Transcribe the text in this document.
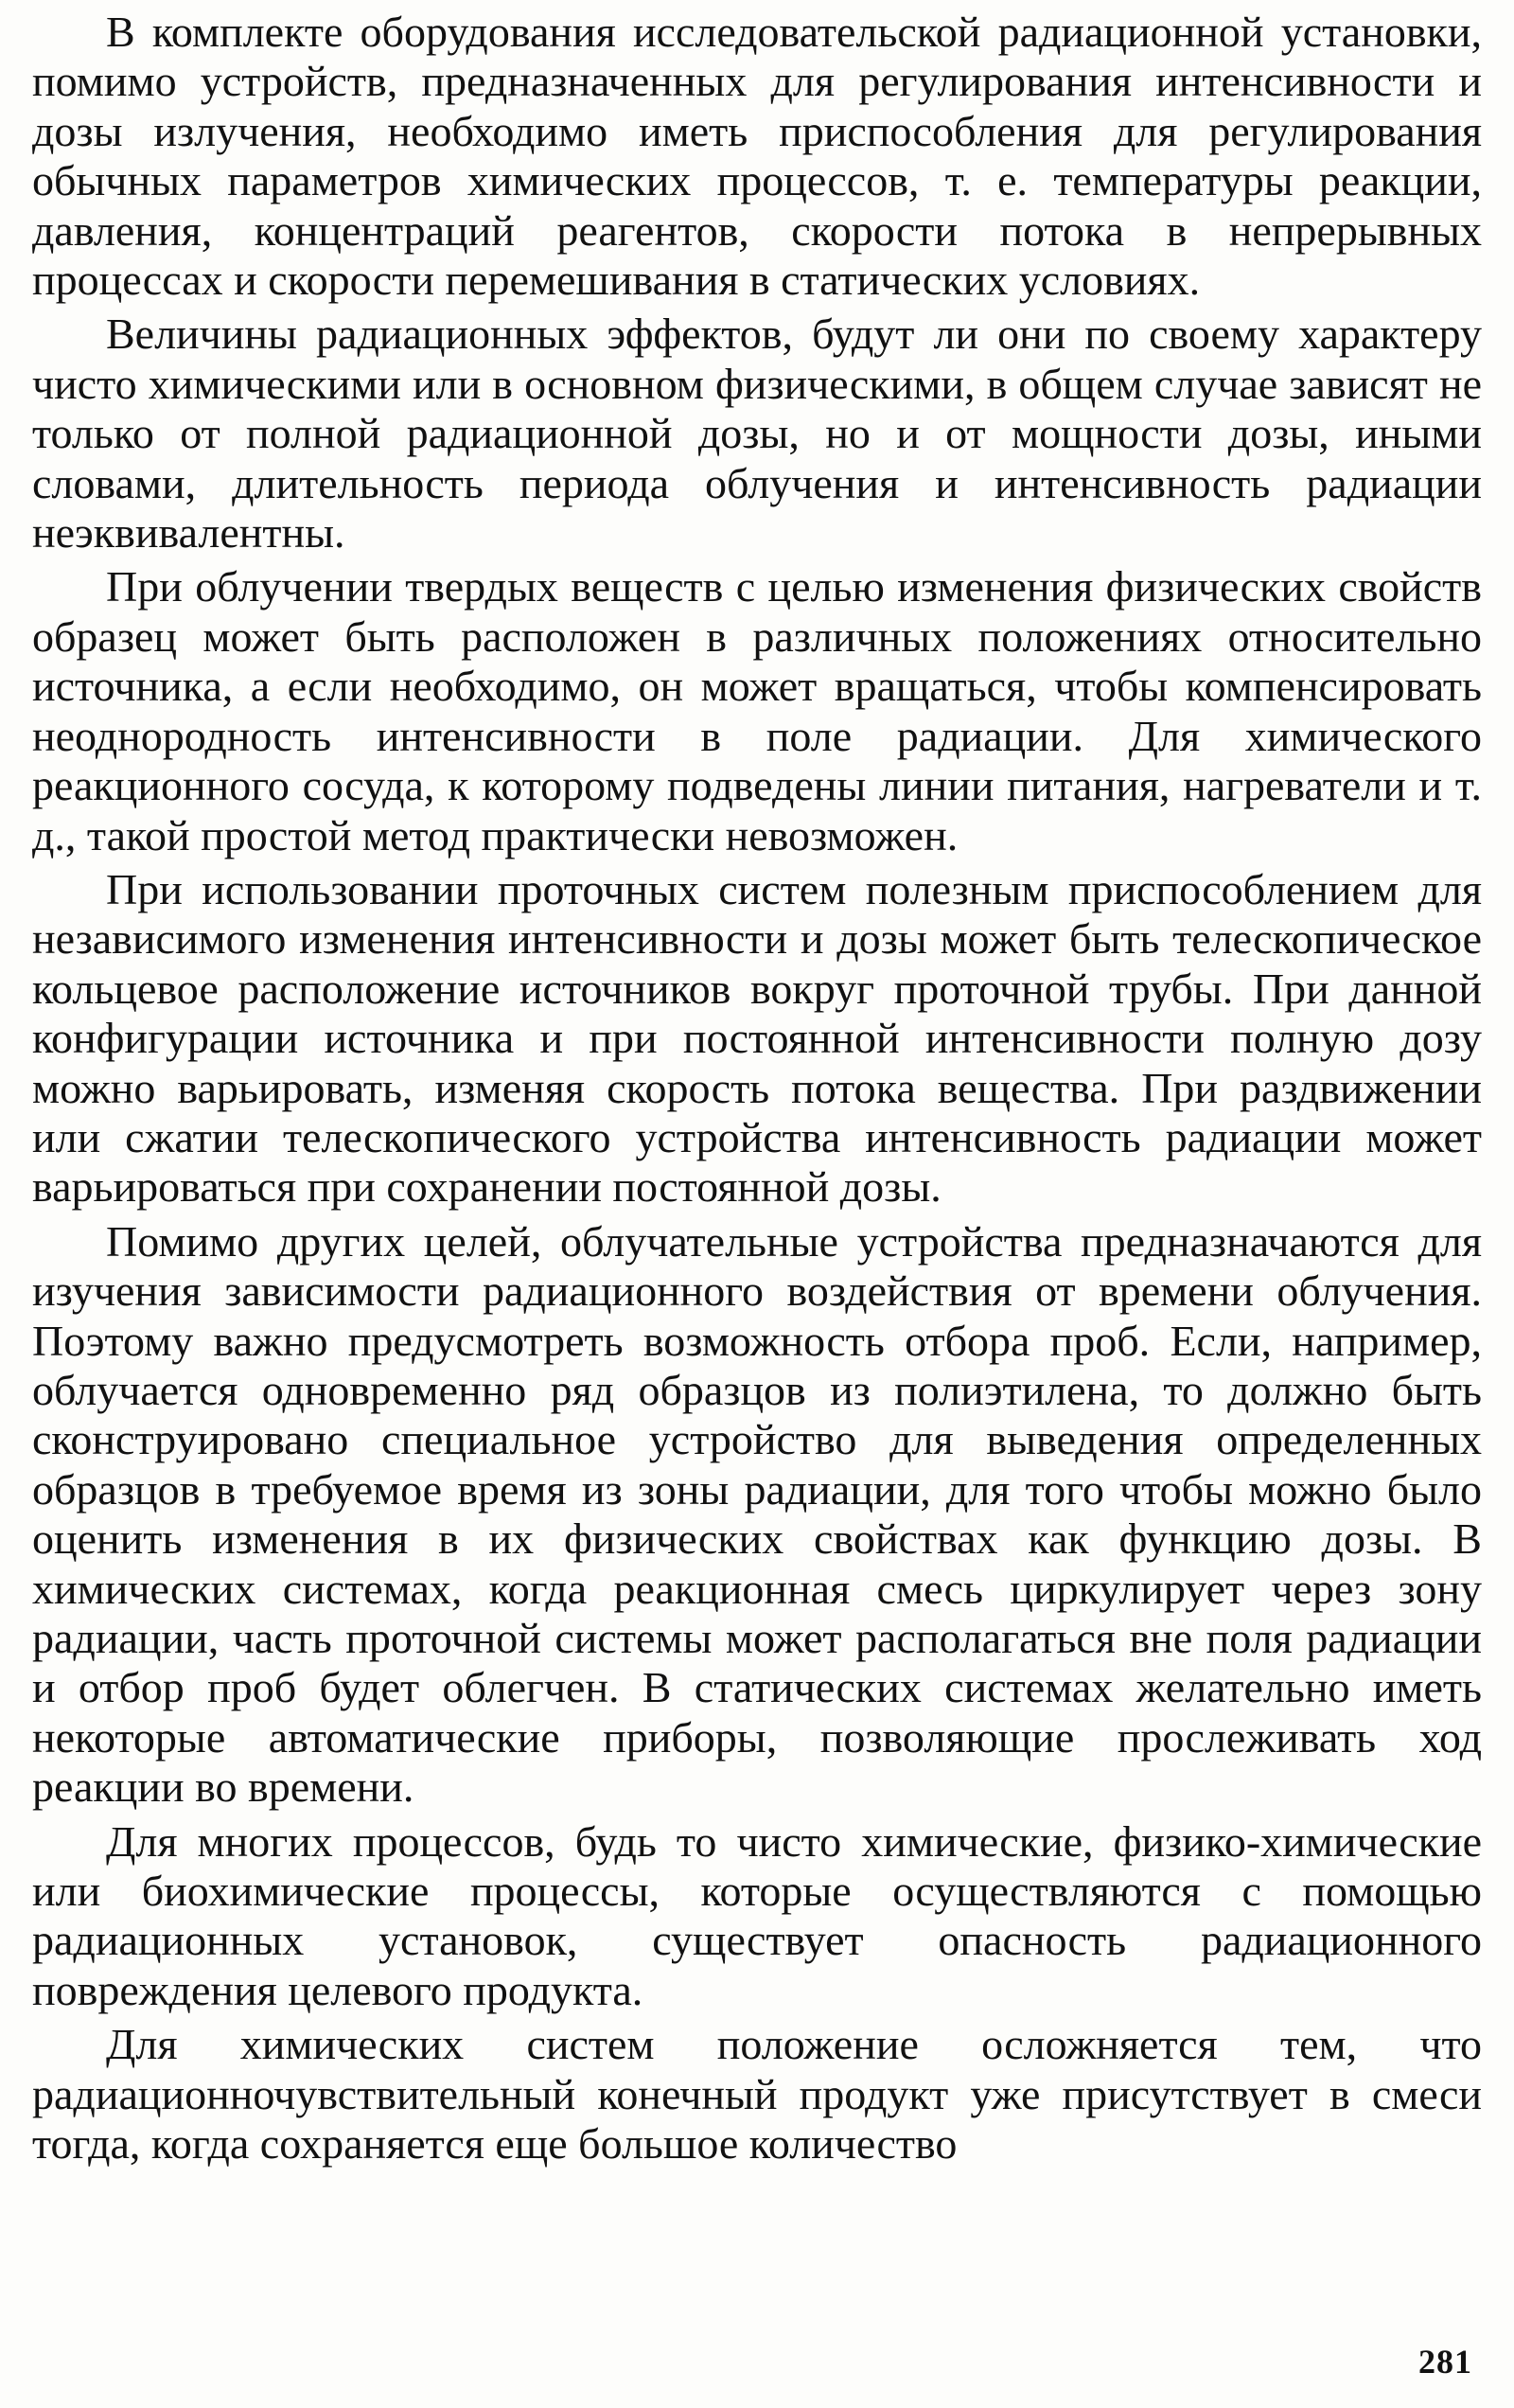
В комплекте оборудования исследовательской радиационной установки, помимо устройств, предназначенных для регулирования интенсивности и дозы излучения, необходимо иметь приспособления для регулирования обычных параметров химических процессов, т. е. температуры реакции, давления, концентраций реагентов, скорости потока в непрерывных процессах и скорости перемешивания в статических условиях.

Величины радиационных эффектов, будут ли они по своему характеру чисто химическими или в основном физическими, в общем случае зависят не только от полной радиационной дозы, но и от мощности дозы, иными словами, длительность периода облучения и интенсивность радиации неэквивалентны.

При облучении твердых веществ с целью изменения физических свойств образец может быть расположен в различных положениях относительно источника, а если необходимо, он может вращаться, чтобы компенсировать неоднородность интенсивности в поле радиации. Для химического реакционного сосуда, к которому подведены линии питания, нагреватели и т. д., такой простой метод практически невозможен.

При использовании проточных систем полезным приспособлением для независимого изменения интенсивности и дозы может быть телескопическое кольцевое расположение источников вокруг проточной трубы. При данной конфигурации источника и при постоянной интенсивности полную дозу можно варьировать, изменяя скорость потока вещества. При раздвижении или сжатии телескопического устройства интенсивность радиации может варьироваться при сохранении постоянной дозы.

Помимо других целей, облучательные устройства предназначаются для изучения зависимости радиационного воздействия от времени облучения. Поэтому важно предусмотреть возможность отбора проб. Если, например, облучается одновременно ряд образцов из полиэтилена, то должно быть сконструировано специальное устройство для выведения определенных образцов в требуемое время из зоны радиации, для того чтобы можно было оценить изменения в их физических свойствах как функцию дозы. В химических системах, когда реакционная смесь циркулирует через зону радиации, часть проточной системы может располагаться вне поля радиации и отбор проб будет облегчен. В статических системах желательно иметь некоторые автоматические приборы, позволяющие прослеживать ход реакции во времени.

Для многих процессов, будь то чисто химические, физико-химические или биохимические процессы, которые осуществляются с помощью радиационных установок, существует опасность радиационного повреждения целевого продукта.

Для химических систем положение осложняется тем, что радиационночувствительный конечный продукт уже присутствует в смеси тогда, когда сохраняется еще большое количество

281
